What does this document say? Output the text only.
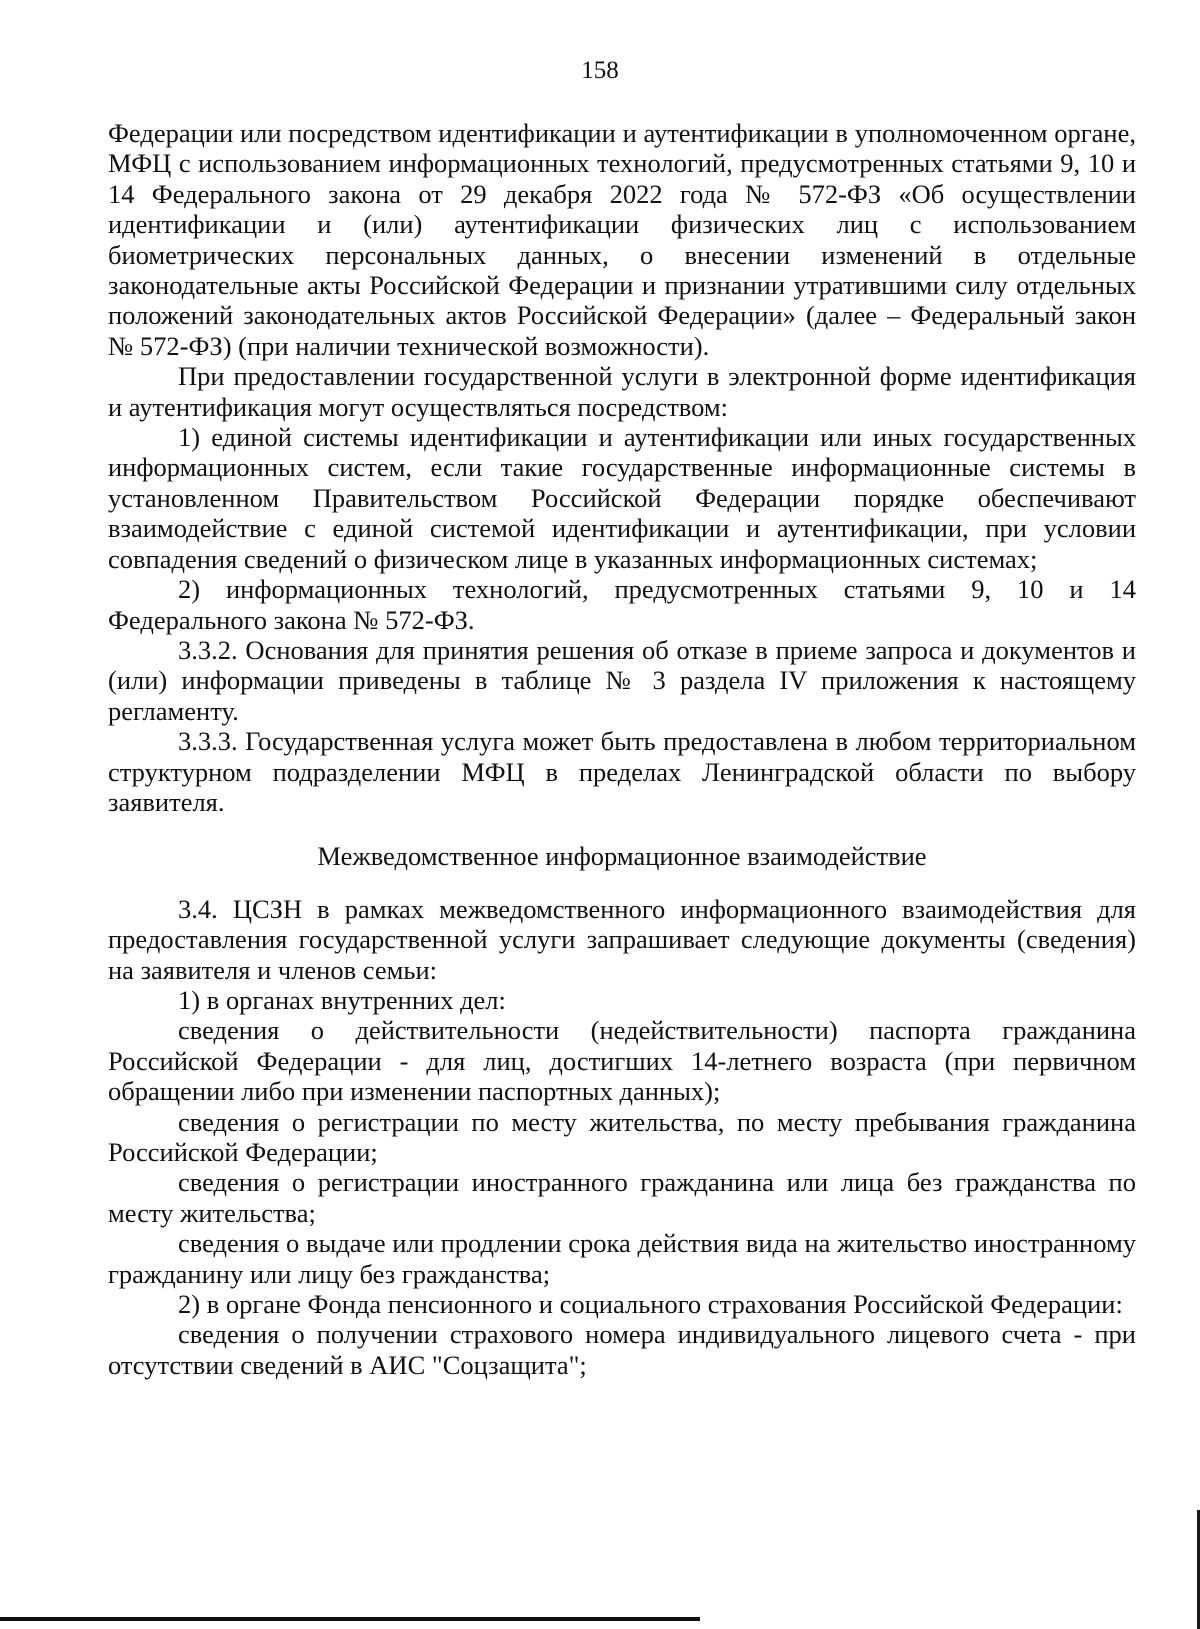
158

Федерации или посредством идентификации и аутентификации в уполномоченном органе, МФЦ с использованием информационных технологий, предусмотренных статьями 9, 10 и 14 Федерального закона от 29 декабря 2022 года № 572-ФЗ «Об осуществлении идентификации и (или) аутентификации физических лиц с использованием биометрических персональных данных, о внесении изменений в отдельные законодательные акты Российской Федерации и признании утратившими силу отдельных положений законодательных актов Российской Федерации» (далее – Федеральный закон № 572-ФЗ) (при наличии технической возможности).

При предоставлении государственной услуги в электронной форме идентификация и аутентификация могут осуществляться посредством:

1) единой системы идентификации и аутентификации или иных государственных информационных систем, если такие государственные информационные системы в установленном Правительством Российской Федерации порядке обеспечивают взаимодействие с единой системой идентификации и аутентификации, при условии совпадения сведений о физическом лице в указанных информационных системах;

2) информационных технологий, предусмотренных статьями 9, 10 и 14 Федерального закона № 572-ФЗ.

3.3.2. Основания для принятия решения об отказе в приеме запроса и документов и (или) информации приведены в таблице № 3 раздела IV приложения к настоящему регламенту.

3.3.3. Государственная услуга может быть предоставлена в любом территориальном структурном подразделении МФЦ в пределах Ленинградской области по выбору заявителя.

Межведомственное информационное взаимодействие

3.4. ЦСЗН в рамках межведомственного информационного взаимодействия для предоставления государственной услуги запрашивает следующие документы (сведения) на заявителя и членов семьи:

1) в органах внутренних дел:

сведения о действительности (недействительности) паспорта гражданина Российской Федерации - для лиц, достигших 14-летнего возраста (при первичном обращении либо при изменении паспортных данных);

сведения о регистрации по месту жительства, по месту пребывания гражданина Российской Федерации;

сведения о регистрации иностранного гражданина или лица без гражданства по месту жительства;

сведения о выдаче или продлении срока действия вида на жительство иностранному гражданину или лицу без гражданства;

2) в органе Фонда пенсионного и социального страхования Российской Федерации:

сведения о получении страхового номера индивидуального лицевого счета - при отсутствии сведений в АИС "Соцзащита";
